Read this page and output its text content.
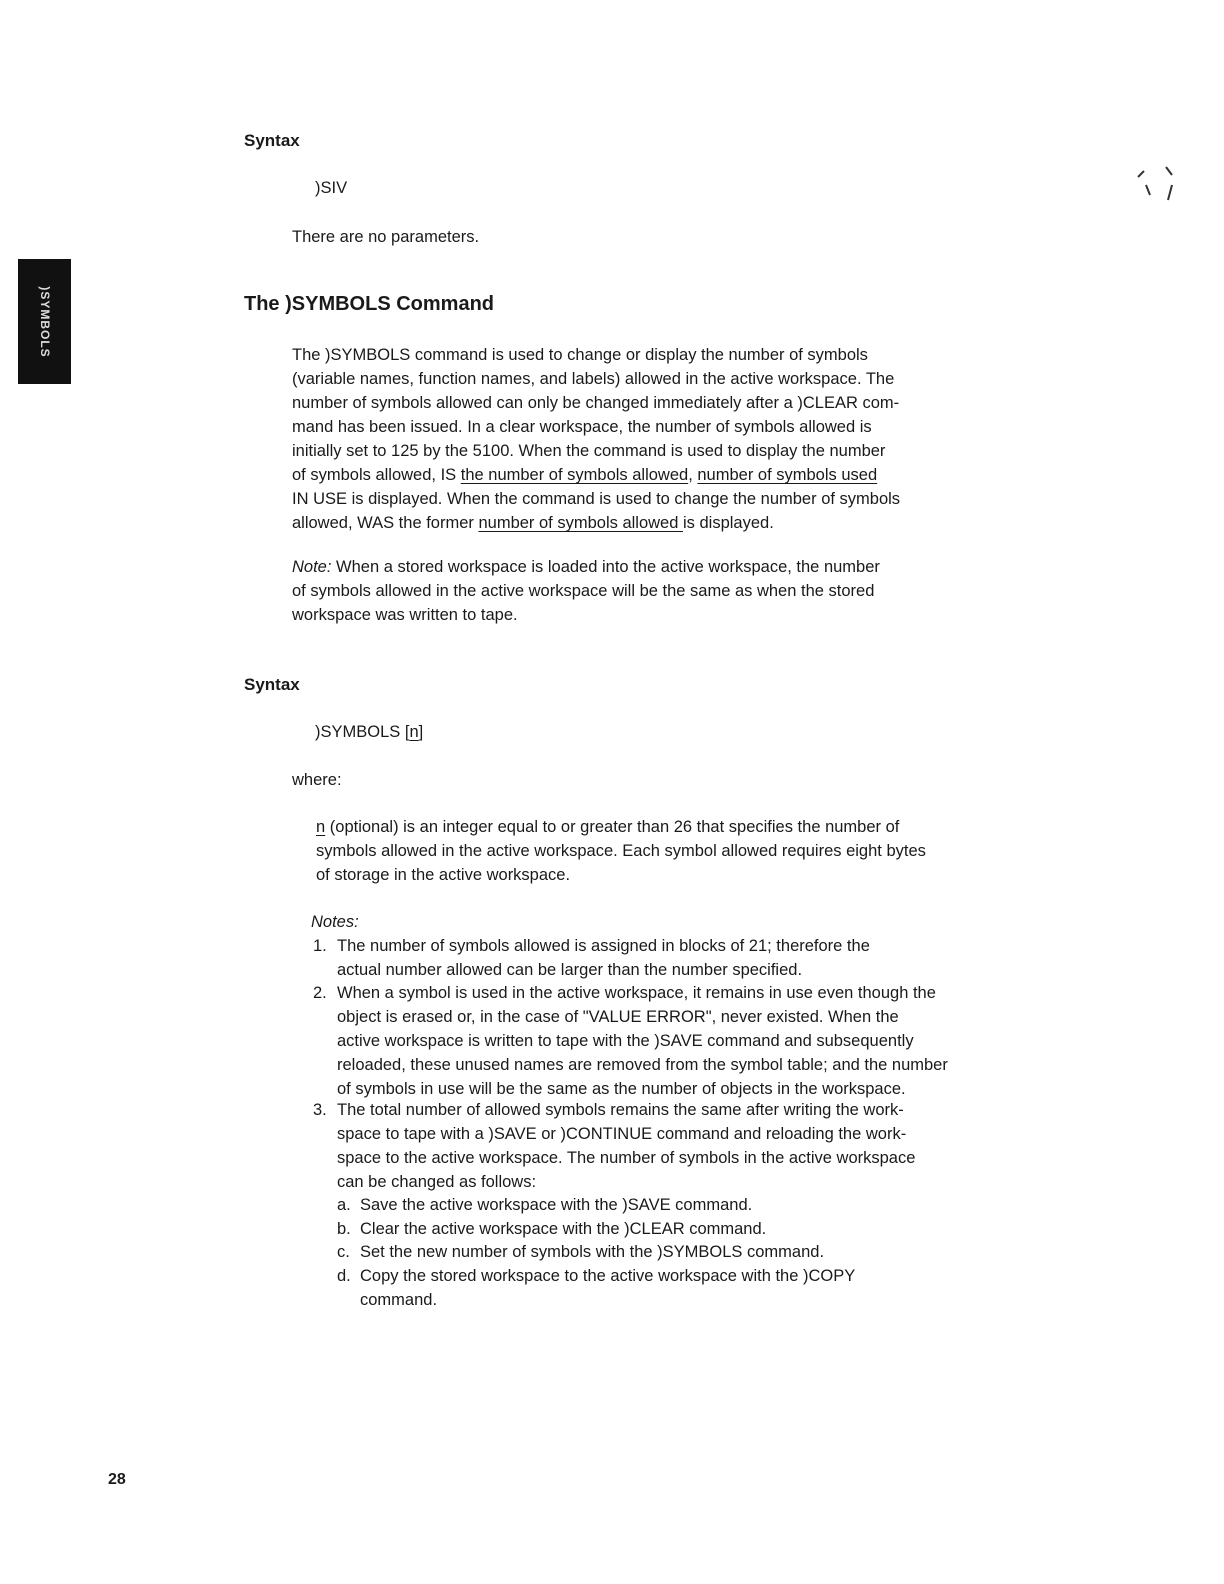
)SYMBOLS
Syntax
)SIV
There are no parameters.
The )SYMBOLS Command
The )SYMBOLS command is used to change or display the number of symbols
(variable names, function names, and labels) allowed in the active workspace. The
number of symbols allowed can only be changed immediately after a )CLEAR com-
mand has been issued. In a clear workspace, the number of symbols allowed is
initially set to 125 by the 5100. When the command is used to display the number
of symbols allowed, IS the number of symbols allowed, number of symbols used
IN USE is displayed. When the command is used to change the number of symbols
allowed, WAS the former number of symbols allowed is displayed.
Note: When a stored workspace is loaded into the active workspace, the number
of symbols allowed in the active workspace will be the same as when the stored
workspace was written to tape.
Syntax
)SYMBOLS [n]
where:
n (optional) is an integer equal to or greater than 26 that specifies the number of
symbols allowed in the active workspace. Each symbol allowed requires eight bytes
of storage in the active workspace.
Notes:
1. The number of symbols allowed is assigned in blocks of 21; therefore the
actual number allowed can be larger than the number specified.
2. When a symbol is used in the active workspace, it remains in use even though the
object is erased or, in the case of "VALUE ERROR", never existed. When the
active workspace is written to tape with the )SAVE command and subsequently
reloaded, these unused names are removed from the symbol table; and the number
of symbols in use will be the same as the number of objects in the workspace.
3. The total number of allowed symbols remains the same after writing the work-
space to tape with a )SAVE or )CONTINUE command and reloading the work-
space to the active workspace. The number of symbols in the active workspace
can be changed as follows:
a. Save the active workspace with the )SAVE command.
b. Clear the active workspace with the )CLEAR command.
c. Set the new number of symbols with the )SYMBOLS command.
d. Copy the stored workspace to the active workspace with the )COPY
command.
28
